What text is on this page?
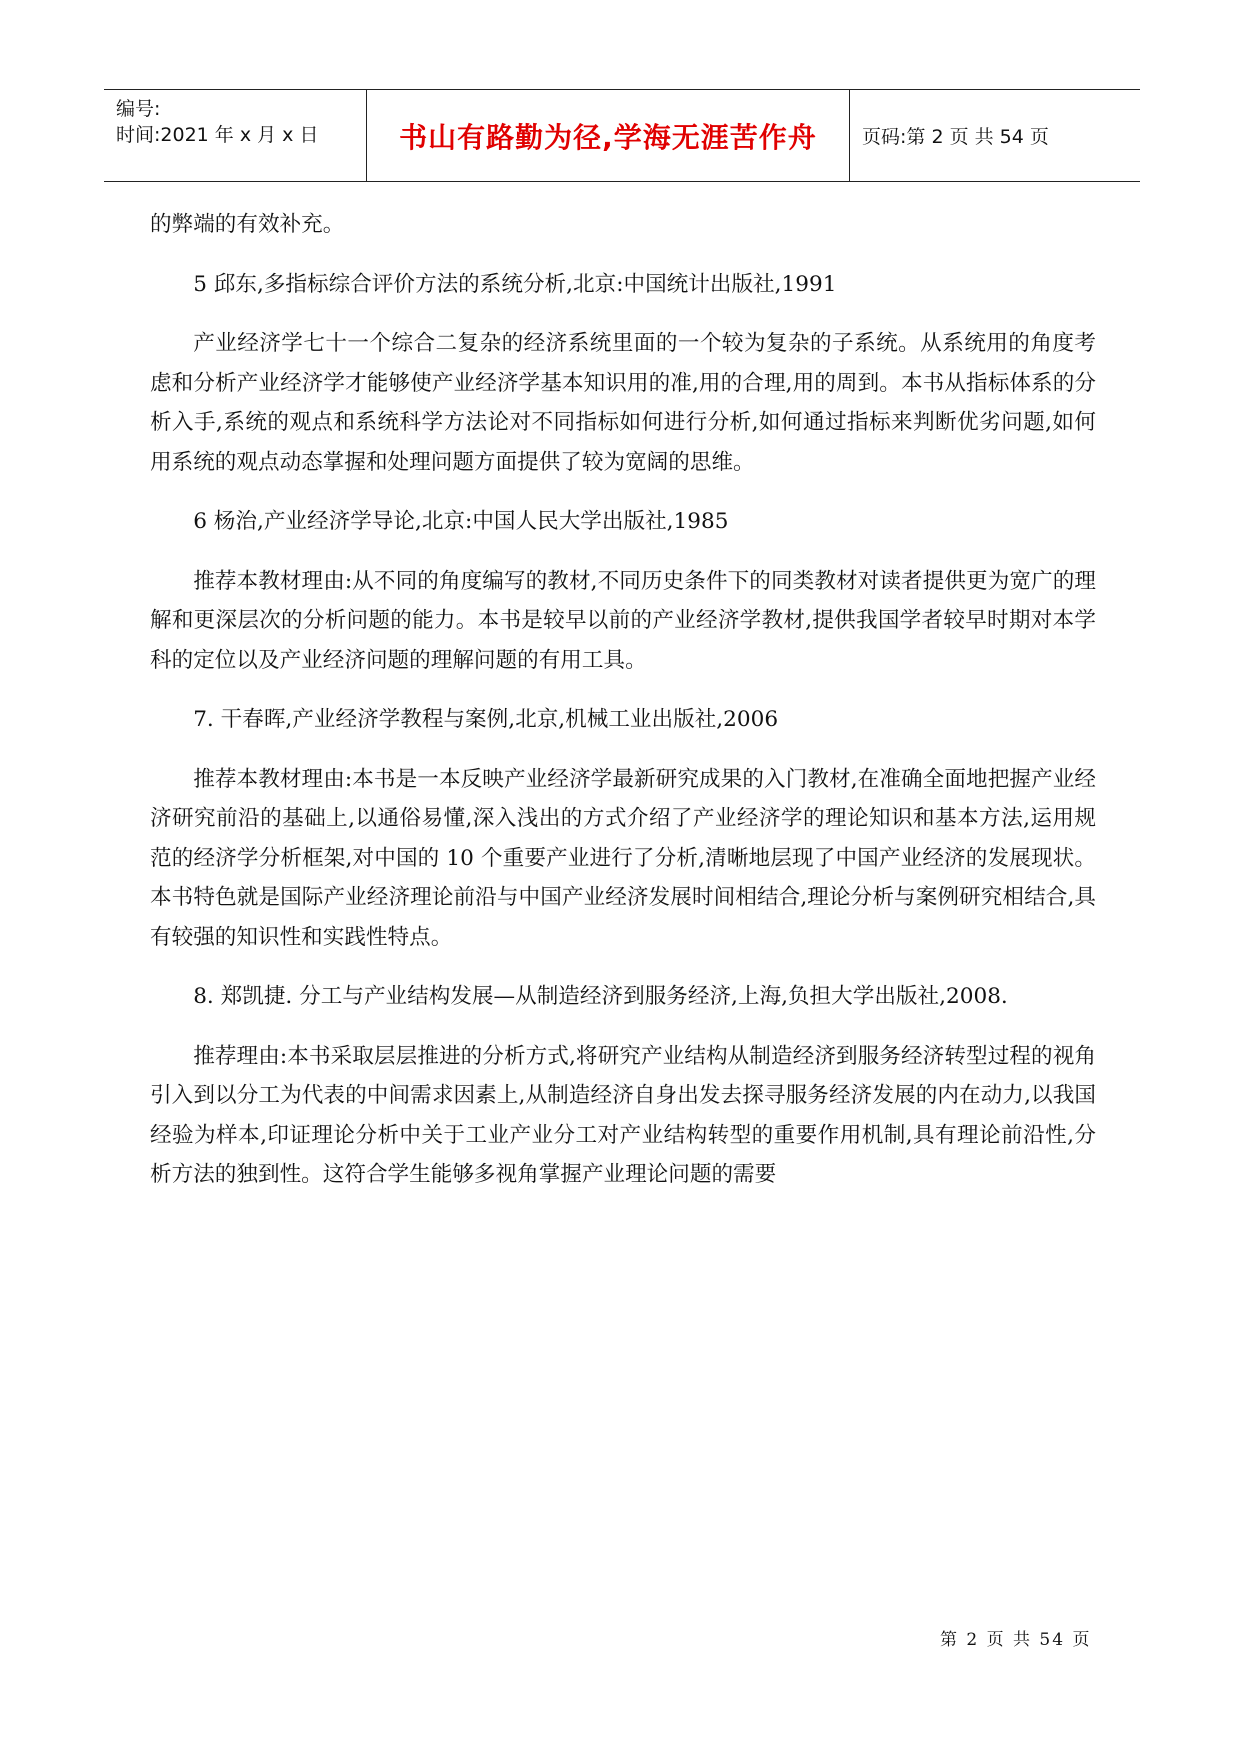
编号:
时间:2021 年 x 月 x 日	书山有路勤为径,学海无涯苦作舟	页码:第 2 页 共 54 页

的弊端的有效补充。

5 邱东,多指标综合评价方法的系统分析,北京:中国统计出版社,1991

产业经济学七十一个综合二复杂的经济系统里面的一个较为复杂的子系统。从系统用的角度考虑和分析产业经济学才能够使产业经济学基本知识用的准,用的合理,用的周到。本书从指标体系的分析入手,系统的观点和系统科学方法论对不同指标如何进行分析,如何通过指标来判断优劣问题,如何用系统的观点动态掌握和处理问题方面提供了较为宽阔的思维。

6 杨治,产业经济学导论,北京:中国人民大学出版社,1985

推荐本教材理由:从不同的角度编写的教材,不同历史条件下的同类教材对读者提供更为宽广的理解和更深层次的分析问题的能力。本书是较早以前的产业经济学教材,提供我国学者较早时期对本学科的定位以及产业经济问题的理解问题的有用工具。

7. 干春晖,产业经济学教程与案例,北京,机械工业出版社,2006

推荐本教材理由:本书是一本反映产业经济学最新研究成果的入门教材,在准确全面地把握产业经济研究前沿的基础上,以通俗易懂,深入浅出的方式介绍了产业经济学的理论知识和基本方法,运用规范的经济学分析框架,对中国的 10 个重要产业进行了分析,清晰地层现了中国产业经济的发展现状。本书特色就是国际产业经济理论前沿与中国产业经济发展时间相结合,理论分析与案例研究相结合,具有较强的知识性和实践性特点。

8. 郑凯捷. 分工与产业结构发展—从制造经济到服务经济,上海,负担大学出版社,2008.

推荐理由:本书采取层层推进的分析方式,将研究产业结构从制造经济到服务经济转型过程的视角引入到以分工为代表的中间需求因素上,从制造经济自身出发去探寻服务经济发展的内在动力,以我国经验为样本,印证理论分析中关于工业产业分工对产业结构转型的重要作用机制,具有理论前沿性,分析方法的独到性。这符合学生能够多视角掌握产业理论问题的需要

第 2 页 共 54 页
